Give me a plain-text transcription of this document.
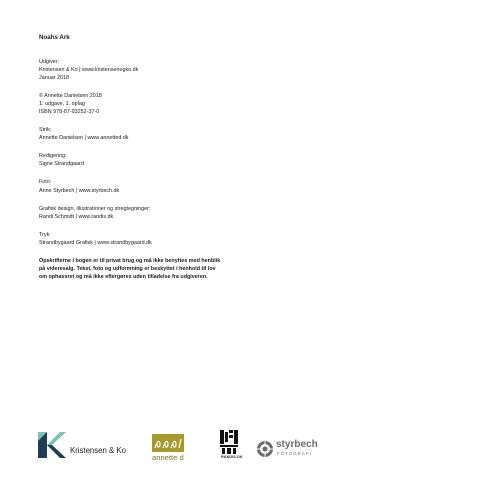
Noahs Ark
Udgiver:
Kristensen & Ko | www.kristensenogko.dk
Januar 2018
© Annette Danielsen 2018
1. udgave, 1. oplag
ISBN 978-87-93252-37-0
Strik:
Annette Danielsen | www.annetted.dk
Redigering:
Signe Strandgaard
Foto:
Anne Styrbech | www.styrbech.dk
Grafisk design, illustrationer og stregtegninger:
Randi Schmidt | www.randis.dk
Tryk:
Strandbygaard Grafisk | www.strandbygaard.dk
Opskrifterne i bogen er til privat brug og må ikke benyttes med henblik
på videresalg. Tekst, foto og udformning er beskyttet i henhold til lov
om ophavsret og må ikke eftergøres uden tilladelse fra udgiveren.
Kristensen & Ko
annette d	RANDIS.DK
styrbech
FOTOGRAFI
